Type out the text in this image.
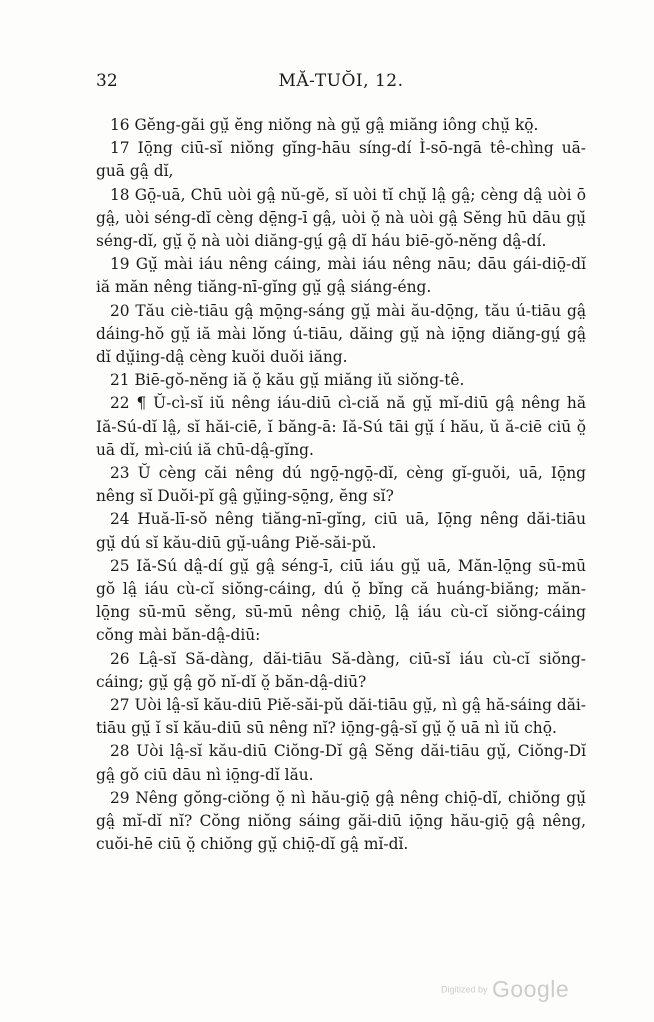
32	MĂ-TUŎI, 12.

16 Gĕng-găi gṳ̆ ĕng niŏng nà gṳ̆ gâ̤ miăng iông chṳ̆ kō̤.

17 Iō̤ng ciū-sĭ niŏng gĭng-hāu síng-dí Ì-sō-ngā tê-chìng uā-guā gâ̤ dĭ,

18 Gō̤-uā, Chū uòi gâ̤ nŭ-gĕ, sĭ uòi tĭ chṳ̆ lâ̤ gâ̤; cèng dâ̤ uòi ō gâ̤, uòi séng-dĭ cèng dē̤ng-ī gâ̤, uòi ŏ̤ nà uòi gâ̤ Sĕng hū dāu gṳ̆ séng-dĭ, gṳ̆ ŏ̤ nà uòi diăng-gṳ́ gâ̤ dĭ háu biē-gŏ-nĕng dâ̤-dí.

19 Gṳ̆ mài iáu nêng cáing, mài iáu nêng nāu; dāu gái-diō̤-dĭ iă măn nêng tiăng-nī-gĭng gṳ̆ gâ̤ siáng-éng.

20 Tău ciè-tiāu gâ̤ mō̤ng-sáng gṳ̆ mài ău-dō̤ng, tău ú-tiāu gâ̤ dáing-hŏ gṳ̆ iă mài lŏng ú-tiāu, dăing gṳ̆ nà iō̤ng diăng-gṳ́ gâ̤ dĭ dṳ̆ing-dâ̤ cèng kuŏi duŏi iăng.

21 Biē-gŏ-nĕng iă ŏ̤ kău gṳ̆ miăng iŭ siŏng-tê.

22 ¶ Ŭ-cì-sĭ iŭ nêng iáu-diū cì-ciă nă gṳ̆ mĭ-diū gâ̤ nêng hă Iă-Sú-dĭ lâ̤, sĭ hăi-ciē, ĭ băng-ā: Iă-Sú tāi gṳ̆ í hău, ŭ ă-ciē ciū ŏ̤ uā dĭ, mì-ciú iă chū-dâ̤-gĭng.

23 Ŭ cèng căi nêng dú ngō̤-ngō̤-dĭ, cèng gĭ-guŏi, uā, Iō̤ng nêng sĭ Duŏi-pĭ gâ̤ gṳ̆ing-sō̤ng, ĕng sĭ?

24 Huă-lī-sŏ nêng tiăng-nī-gĭng, ciū uā, Iō̤ng nêng dăi-tiāu gṳ̆ dú sĭ kău-diū gṳ̆-uâng Piĕ-săi-pŭ.

25 Iă-Sú dâ̤-dí gṳ̆ gâ̤ séng-ī, ciū iáu gṳ̆ uā, Măn-lō̤ng sū-mū gŏ lâ̤ iáu cù-cĭ siŏng-cáing, dú ŏ̤ bĭng că huáng-biăng; măn-lō̤ng sū-mū sĕng, sū-mū nêng chiō̤, lâ̤ iáu cù-cĭ siŏng-cáing cŏng mài băn-dâ̤-diū:

26 Lâ̤-sĭ Să-dàng, dăi-tiāu Să-dàng, ciū-sĭ iáu cù-cĭ siŏng-cáing; gṳ̆ gâ̤ gŏ nĭ-dĭ ŏ̤ băn-dâ̤-diū?

27 Uòi lâ̤-sĭ kău-diū Piĕ-săi-pŭ dăi-tiāu gṳ̆, nì gâ̤ hă-sáing dăi-tiāu gṳ̆ ĭ sĭ kău-diū sū nêng nĭ? iō̤ng-gâ̤-sĭ gṳ̆ ŏ̤ uā nì iŭ chō̤.

28 Uòi lâ̤-sĭ kău-diū Ciŏng-Dĭ gâ̤ Sĕng dăi-tiāu gṳ̆, Ciŏng-Dĭ gâ̤ gŏ ciū dāu nì iō̤ng-dĭ lău.

29 Nêng gŏng-ciŏng ŏ̤ nì hău-giō̤ gâ̤ nêng chiō̤-dĭ, chiŏng gṳ̆ gâ̤ mĭ-dĭ nĭ? Cŏng niŏng sáing găi-diū iō̤ng hău-giō̤ gâ̤ nêng, cuŏi-hē ciū ŏ̤ chiŏng gṳ̆ chiō̤-dĭ gâ̤ mĭ-dĭ.

Digitized by Google
